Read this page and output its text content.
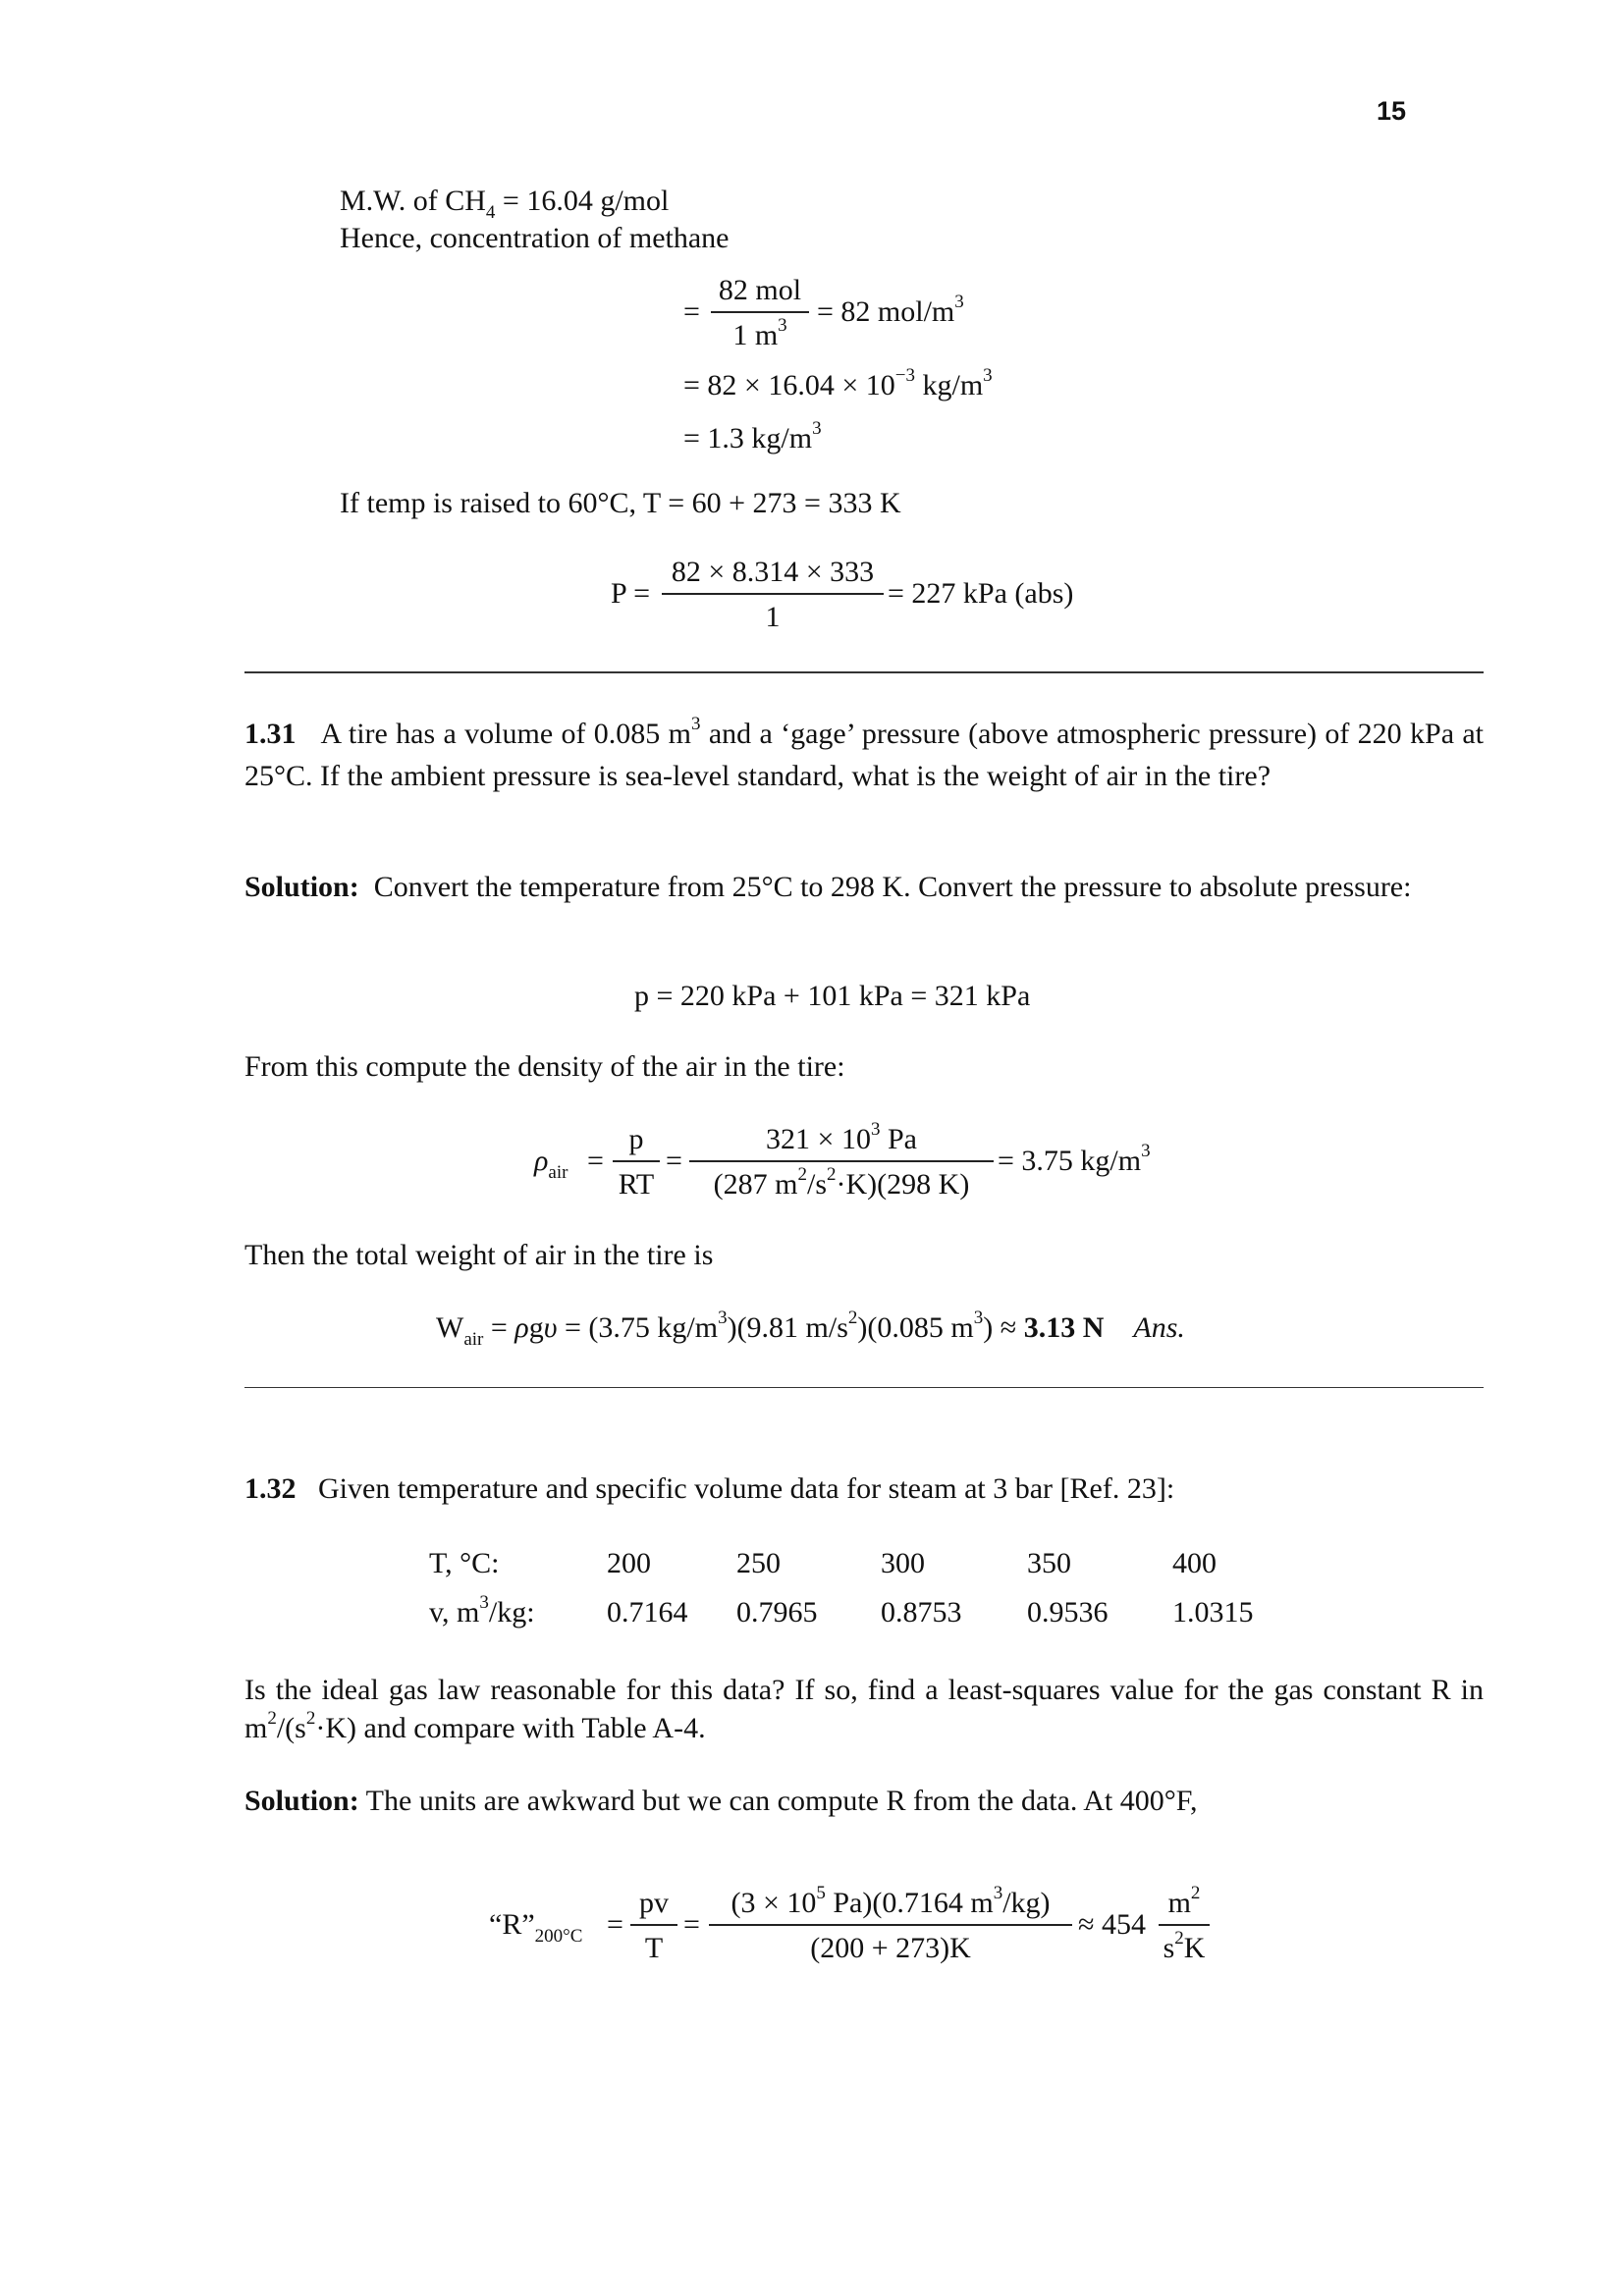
15
M.W. of $CH_4 = 16.04$ g/mol
Hence, concentration of methane
=
82 mol
1 $m^3$	= 82 mol/$m^3$
= $82 \times 16.04 \times 10^{-3}$ $kg/m^3$
= 1.3 $kg/m^3$
If temp is raised to 60°C, T = 60 + 273 = 333 K
P =
82 × 8.314 × 333
1
= 227 kPa (abs)
1.31 A tire has a volume of 0.085 $m^3$ and a ‘gage’ pressure (above atmospheric pressure) of 220 kPa at 25°C. If the ambient pressure is sea-level standard, what is the weight of air in the tire?
Solution:  Convert the temperature from 25°C to 298 K. Convert the pressure to absolute pressure:
p = 220 kPa + 101 kPa = 321 kPa
From this compute the density of the air in the tire:
$\rho_{air}$ =
p
RT
=
$321 \times 10^3$ Pa
(287 $m^2/s^2\cdot K)(298$ K)
= 3.75 $kg/m^3$
Then the total weight of air in the tire is
$W_{air} = \rho g\upsilon = (3.75$ $kg/m^3)(9.81$ $m/s^2)(0.085$ $m^3) \approx 3.13$ N Ans.
1.32 Given temperature and specific volume data for steam at 3 bar [Ref. 23]:
T, °C:	200	250	300	350	400
v, $m^3/kg$: 0.7164 0.7965 0.8753 0.9536 1.0315
Is the ideal gas law reasonable for this data? If so, find a least-squares value for the gas constant R in $m^2/(s^2\cdot K)$ and compare with Table A-4.
Solution: The units are awkward but we can compute R from the data. At 400°F,
“$R”_{200^\circ C}$ =
pv
T
=
($3 \times 10^5$ Pa)(0.7164 $m^3/kg$)
(200 + 273)K
≈ 454
$m^2$
$s^2K$
